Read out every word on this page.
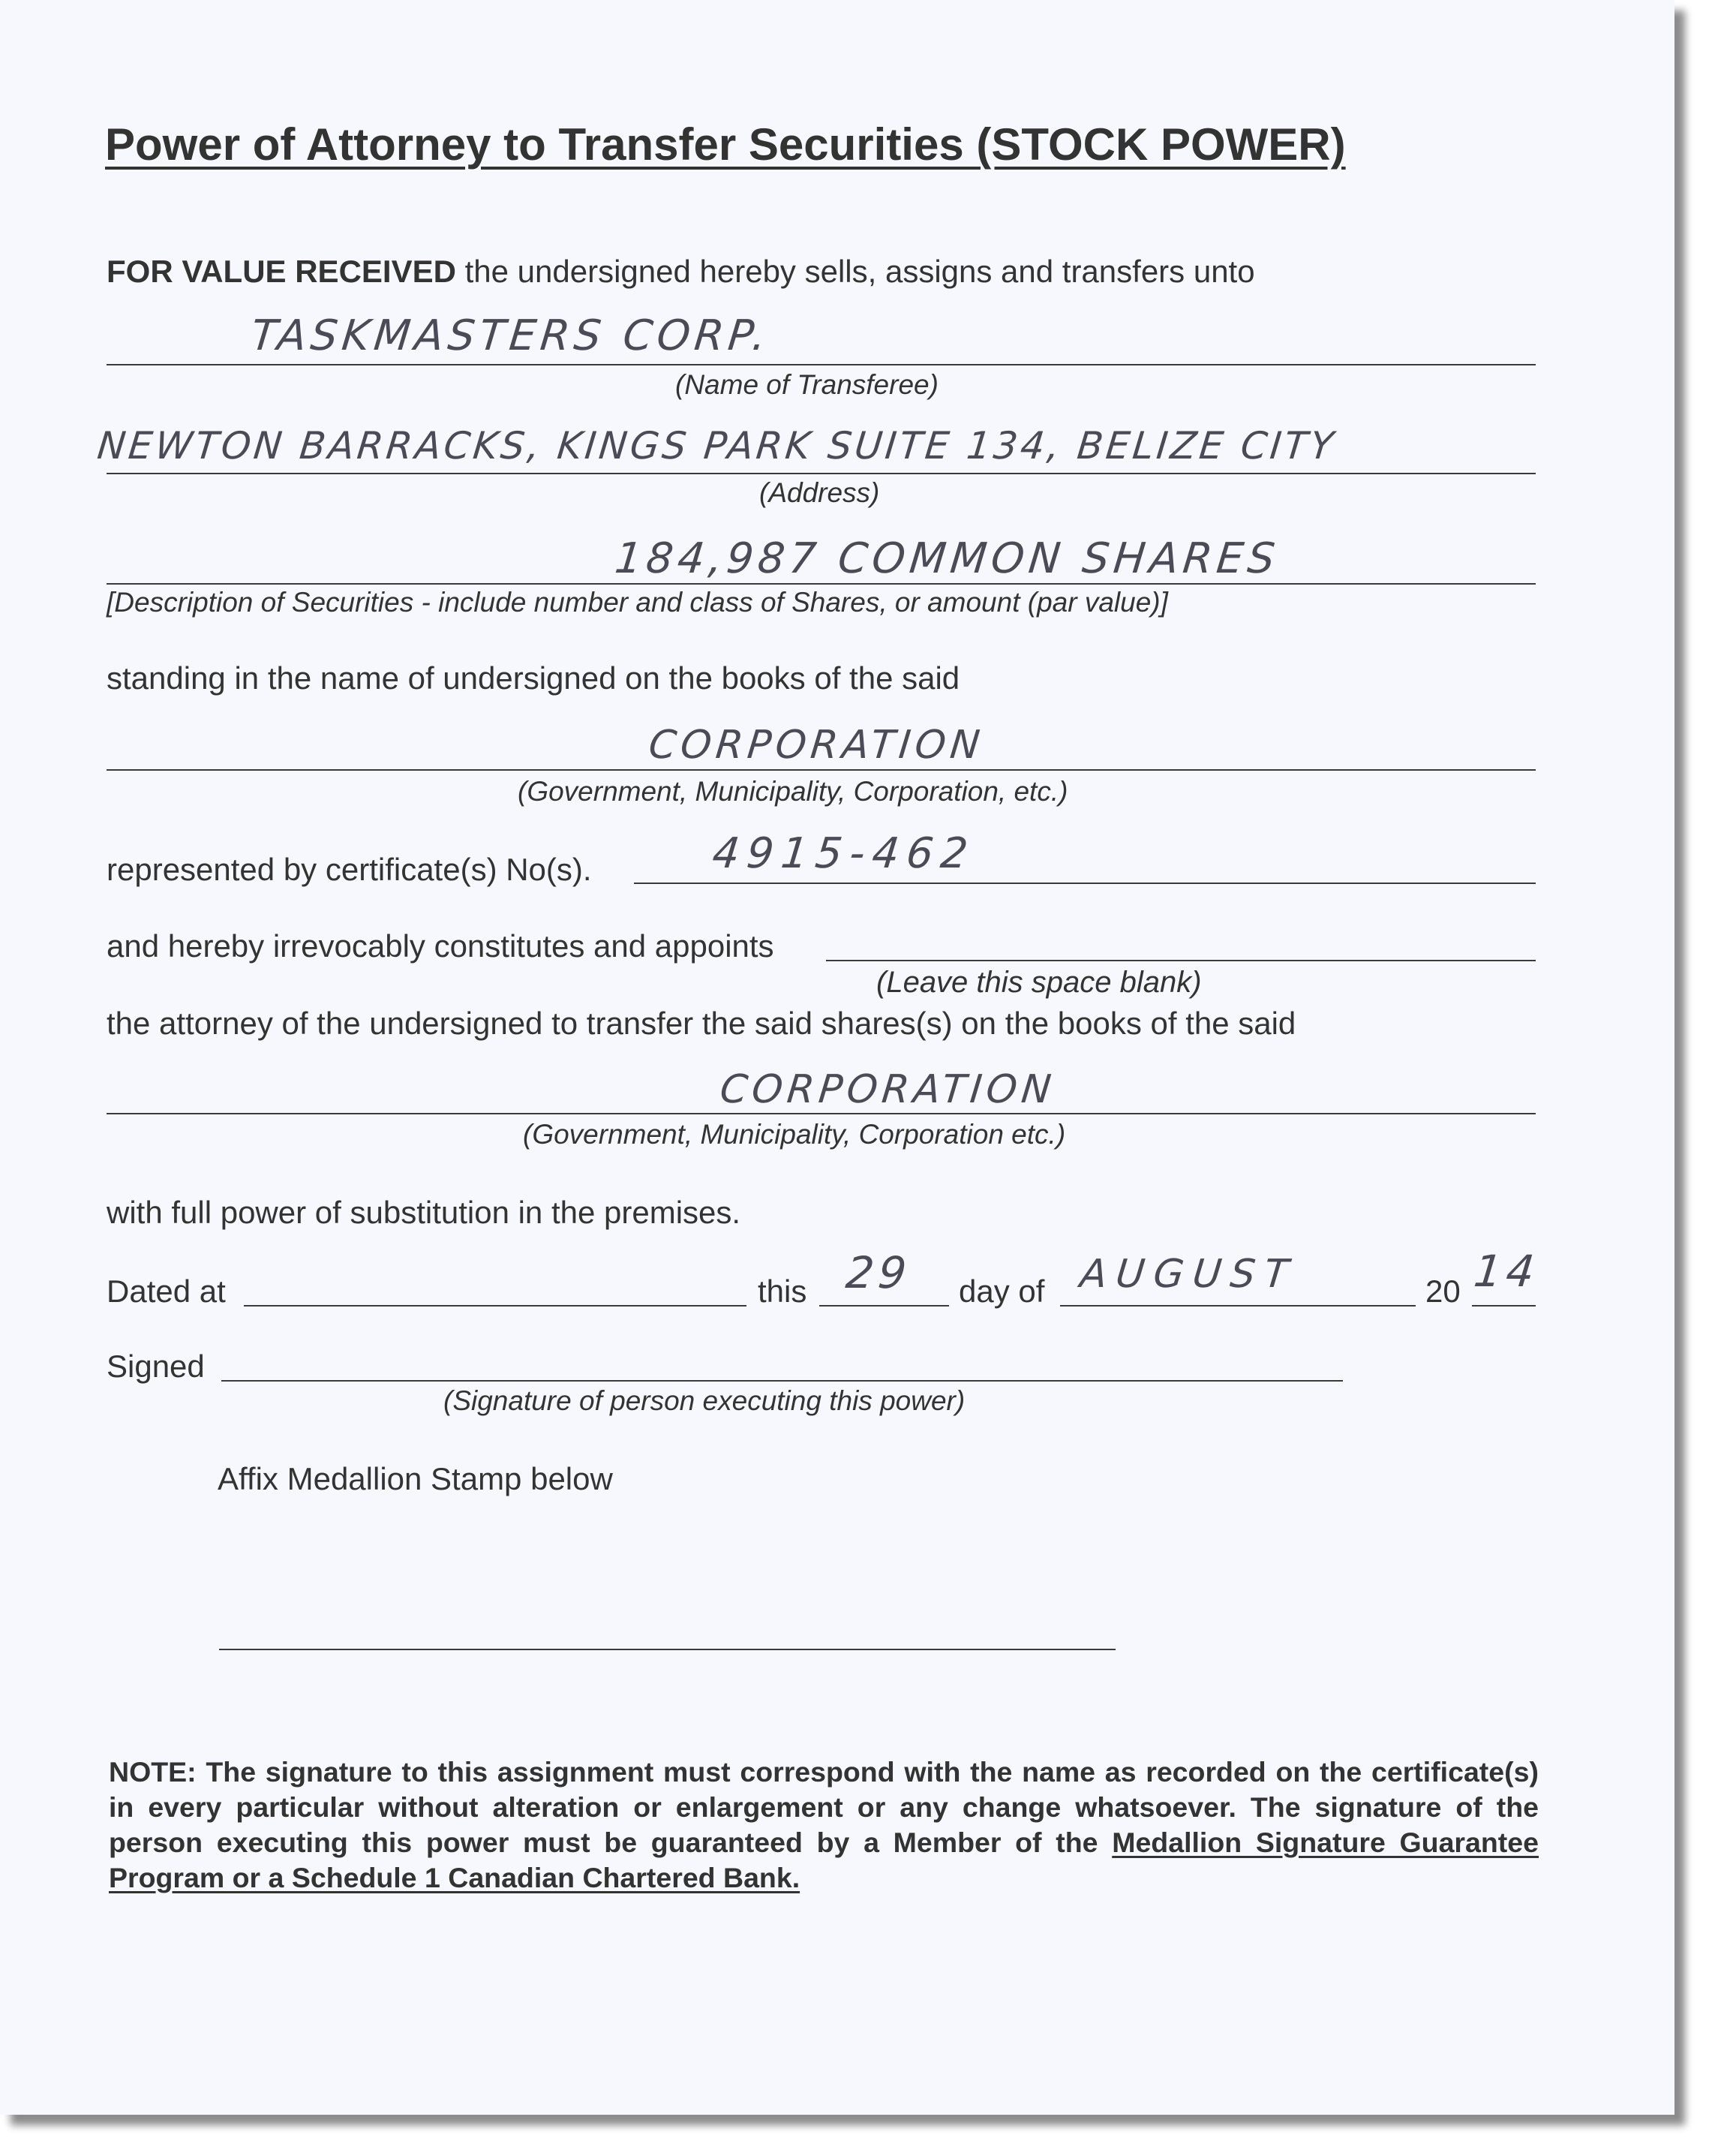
Power of Attorney to Transfer Securities (STOCK POWER)
FOR VALUE RECEIVED the undersigned hereby sells, assigns and transfers unto
TASKMASTERS CORP.
(Name of Transferee)
NEWTON BARRACKS, KINGS PARK SUITE 134, BELIZE CITY
(Address)
184,987 COMMON SHARES
[Description of Securities - include number and class of Shares, or amount (par value)]
standing in the name of undersigned on the books of the said
CORPORATION
(Government, Municipality, Corporation, etc.)
represented by certificate(s) No(s).	4915-462
and hereby irrevocably constitutes and appoints
(Leave this space blank)
the attorney of the undersigned to transfer the said shares(s) on the books of the said
CORPORATION
(Government, Municipality, Corporation etc.)
with full power of substitution in the premises.
Dated at	this 29 day of AUGUST	20 14
Signed
(Signature of person executing this power)
Affix Medallion Stamp below
NOTE: The signature to this assignment must correspond with the name as recorded on the certificate(s) in every particular without alteration or enlargement or any change whatsoever. The signature of the person executing this power must be guaranteed by a Member of the Medallion Signature Guarantee Program or a Schedule 1 Canadian Chartered Bank.
